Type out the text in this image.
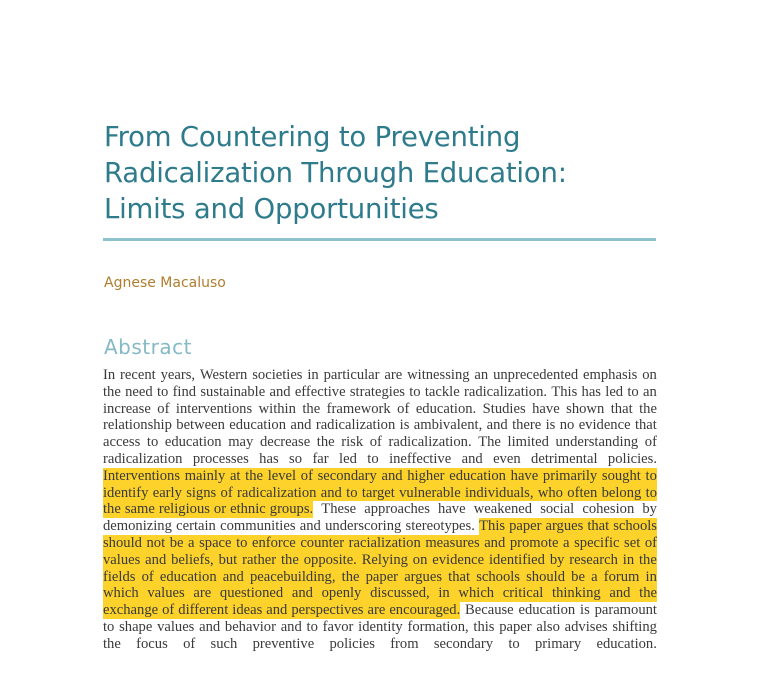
From Countering to Preventing
Radicalization Through Education:
Limits and Opportunities
Agnese Macaluso
Abstract
In recent years, Western societies in particular are witnessing an unprecedented emphasis on
the need to find sustainable and effective strategies to tackle radicalization. This has led to an
increase of interventions within the framework of education. Studies have shown that the
relationship between education and radicalization is ambivalent, and there is no evidence that
access to education may decrease the risk of radicalization. The limited understanding of
radicalization processes has so far led to ineffective and even detrimental policies.
Interventions mainly at the level of secondary and higher education have primarily sought to
identify early signs of radicalization and to target vulnerable individuals, who often belong to
the same religious or ethnic groups. These approaches have weakened social cohesion by
demonizing certain communities and underscoring stereotypes. This paper argues that schools
should not be a space to enforce counter racialization measures and promote a specific set of
values and beliefs, but rather the opposite. Relying on evidence identified by research in the
fields of education and peacebuilding, the paper argues that schools should be a forum in
which values are questioned and openly discussed, in which critical thinking and the
exchange of different ideas and perspectives are encouraged. Because education is paramount
to shape values and behavior and to favor identity formation, this paper also advises shifting
the focus of such preventive policies from secondary to primary education.
